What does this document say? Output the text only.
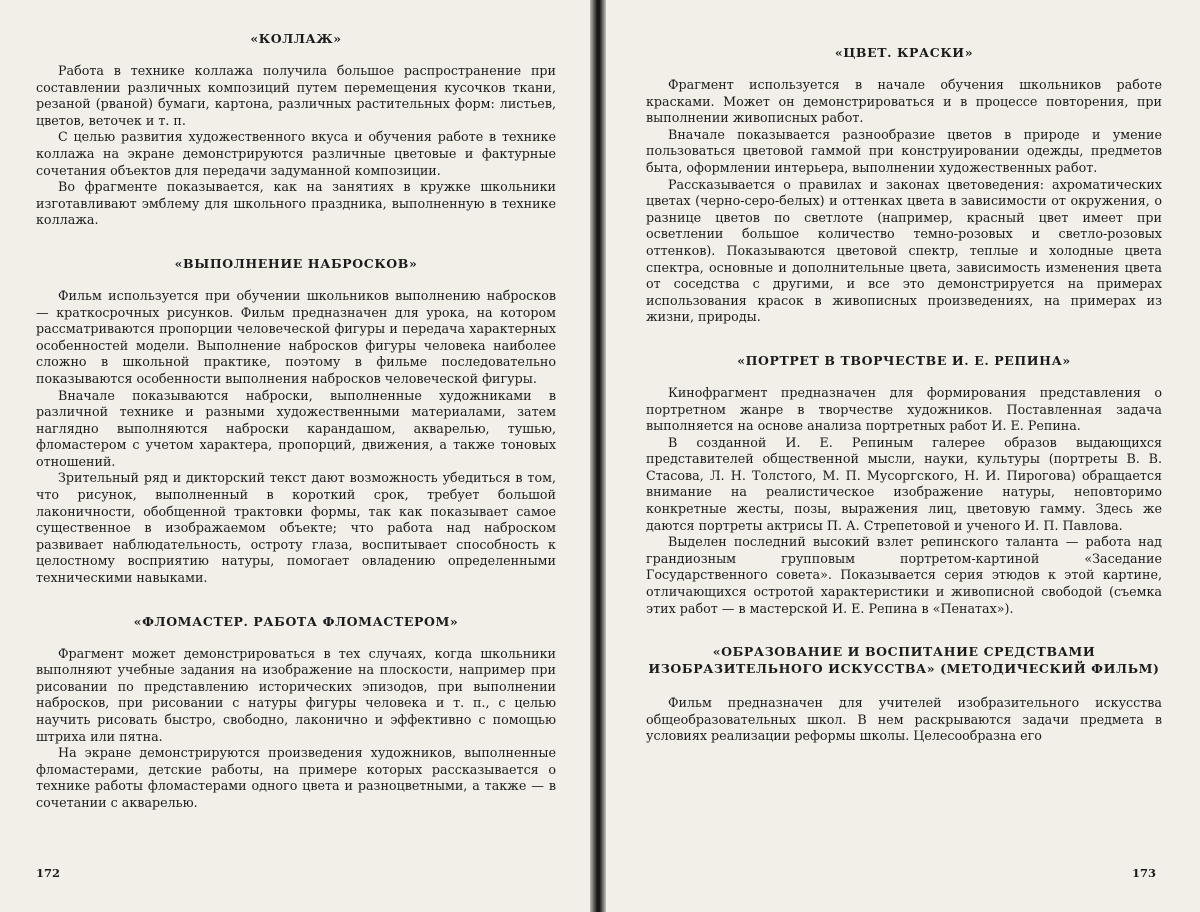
«КОЛЛАЖ»

Работа в технике коллажа получила большое распространение при составлении различных композиций путем перемещения кусочков ткани, резаной (рваной) бумаги, картона, различных растительных форм: листьев, цветов, веточек и т. п.

С целью развития художественного вкуса и обучения работе в технике коллажа на экране демонстрируются различные цветовые и фактурные сочетания объектов для передачи задуманной композиции.

Во фрагменте показывается, как на занятиях в кружке школьники изготавливают эмблему для школьного праздника, выполненную в технике коллажа.

«ВЫПОЛНЕНИЕ НАБРОСКОВ»

Фильм используется при обучении школьников выполнению набросков — краткосрочных рисунков. Фильм предназначен для урока, на котором рассматриваются пропорции человеческой фигуры и передача характерных особенностей модели. Выполнение набросков фигуры человека наиболее сложно в школьной практике, поэтому в фильме последовательно показываются особенности выполнения набросков человеческой фигуры.

Вначале показываются наброски, выполненные художниками в различной технике и разными художественными материалами, затем наглядно выполняются наброски карандашом, акварелью, тушью, фломастером с учетом характера, пропорций, движения, а также тоновых отношений.

Зрительный ряд и дикторский текст дают возможность убедиться в том, что рисунок, выполненный в короткий срок, требует большой лаконичности, обобщенной трактовки формы, так как показывает самое существенное в изображаемом объекте; что работа над наброском развивает наблюдательность, остроту глаза, воспитывает способность к целостному восприятию натуры, помогает овладению определенными техническими навыками.

«ФЛОМАСТЕР. РАБОТА ФЛОМАСТЕРОМ»

Фрагмент может демонстрироваться в тех случаях, когда школьники выполняют учебные задания на изображение на плоскости, например при рисовании по представлению исторических эпизодов, при выполнении набросков, при рисовании с натуры фигуры человека и т. п., с целью научить рисовать быстро, свободно, лаконично и эффективно с помощью штриха или пятна.

На экране демонстрируются произведения художников, выполненные фломастерами, детские работы, на примере которых рассказывается о технике работы фломастерами одного цвета и разноцветными, а также — в сочетании с акварелью.

172
«ЦВЕТ. КРАСКИ»

Фрагмент используется в начале обучения школьников работе красками. Может он демонстрироваться и в процессе повторения, при выполнении живописных работ.

Вначале показывается разнообразие цветов в природе и умение пользоваться цветовой гаммой при конструировании одежды, предметов быта, оформлении интерьера, выполнении художественных работ.

Рассказывается о правилах и законах цветоведения: ахроматических цветах (черно-серо-белых) и оттенках цвета в зависимости от окружения, о разнице цветов по светлоте (например, красный цвет имеет при осветлении большое количество темно-розовых и светло-розовых оттенков). Показываются цветовой спектр, теплые и холодные цвета спектра, основные и дополнительные цвета, зависимость изменения цвета от соседства с другими, и все это демонстрируется на примерах использования красок в живописных произведениях, на примерах из жизни, природы.

«ПОРТРЕТ В ТВОРЧЕСТВЕ И. Е. РЕПИНА»

Кинофрагмент предназначен для формирования представления о портретном жанре в творчестве художников. Поставленная задача выполняется на основе анализа портретных работ И. Е. Репина.

В созданной И. Е. Репиным галерее образов выдающихся представителей общественной мысли, науки, культуры (портреты В. В. Стасова, Л. Н. Толстого, М. П. Мусоргского, Н. И. Пирогова) обращается внимание на реалистическое изображение натуры, неповторимо конкретные жесты, позы, выражения лиц, цветовую гамму. Здесь же даются портреты актрисы П. А. Стрепетовой и ученого И. П. Павлова.

Выделен последний высокий взлет репинского таланта — работа над грандиозным групповым портретом-картиной «Заседание Государственного совета». Показывается серия этюдов к этой картине, отличающихся остротой характеристики и живописной свободой (съемка этих работ — в мастерской И. Е. Репина в «Пенатах»).

«ОБРАЗОВАНИЕ И ВОСПИТАНИЕ СРЕДСТВАМИ ИЗОБРАЗИТЕЛЬНОГО ИСКУССТВА» (МЕТОДИЧЕСКИЙ ФИЛЬМ)

Фильм предназначен для учителей изобразительного искусства общеобразовательных школ. В нем раскрываются задачи предмета в условиях реализации реформы школы. Целесообразна его

173
